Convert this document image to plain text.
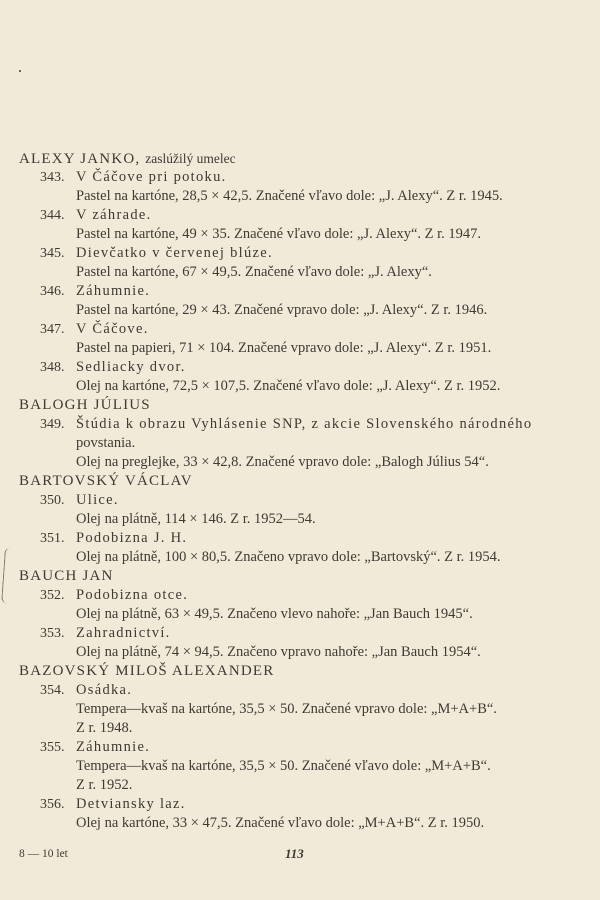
ALEXY JANKO, zaslúžilý umelec
343. V Čáčove pri potoku.
Pastel na kartóne, 28,5 × 42,5. Značené vľavo dole: „J. Alexy“. Z r. 1945.
344. V záhrade.
Pastel na kartóne, 49 × 35. Značené vľavo dole: „J. Alexy“. Z r. 1947.
345. Dievčatko v červenej blúze.
Pastel na kartóne, 67 × 49,5. Značené vľavo dole: „J. Alexy“.
346. Záhumnie.
Pastel na kartóne, 29 × 43. Značené vpravo dole: „J. Alexy“. Z r. 1946.
347. V Čáčove.
Pastel na papieri, 71 × 104. Značené vpravo dole: „J. Alexy“. Z r. 1951.
348. Sedliacky dvor.
Olej na kartóne, 72,5 × 107,5. Značené vľavo dole: „J. Alexy“. Z r. 1952.
BALOGH JÚLIUS
349. Štúdia k obrazu Vyhlásenie SNP, z akcie Slovenského národného
povstania.
Olej na preglejke, 33 × 42,8. Značené vpravo dole: „Balogh Július 54“.
BARTOVSKÝ VÁCLAV
350. Ulice.
Olej na plátně, 114 × 146. Z r. 1952—54.
351. Podobizna J. H.
Olej na plátně, 100 × 80,5. Značeno vpravo dole: „Bartovský“. Z r. 1954.
BAUCH JAN
352. Podobizna otce.
Olej na plátně, 63 × 49,5. Značeno vlevo nahoře: „Jan Bauch 1945“.
353. Zahradnictví.
Olej na plátně, 74 × 94,5. Značeno vpravo nahoře: „Jan Bauch 1954“.
BAZOVSKÝ MILOŠ ALEXANDER
354. Osádka.
Tempera—kvaš na kartóne, 35,5 × 50. Značené vpravo dole: „M+A+B“.
Z r. 1948.
355. Záhumnie.
Tempera—kvaš na kartóne, 35,5 × 50. Značené vľavo dole: „M+A+B“.
Z r. 1952.
356. Detviansky laz.
Olej na kartóne, 33 × 47,5. Značené vľavo dole: „M+A+B“. Z r. 1950.
8 — 10 let	113
